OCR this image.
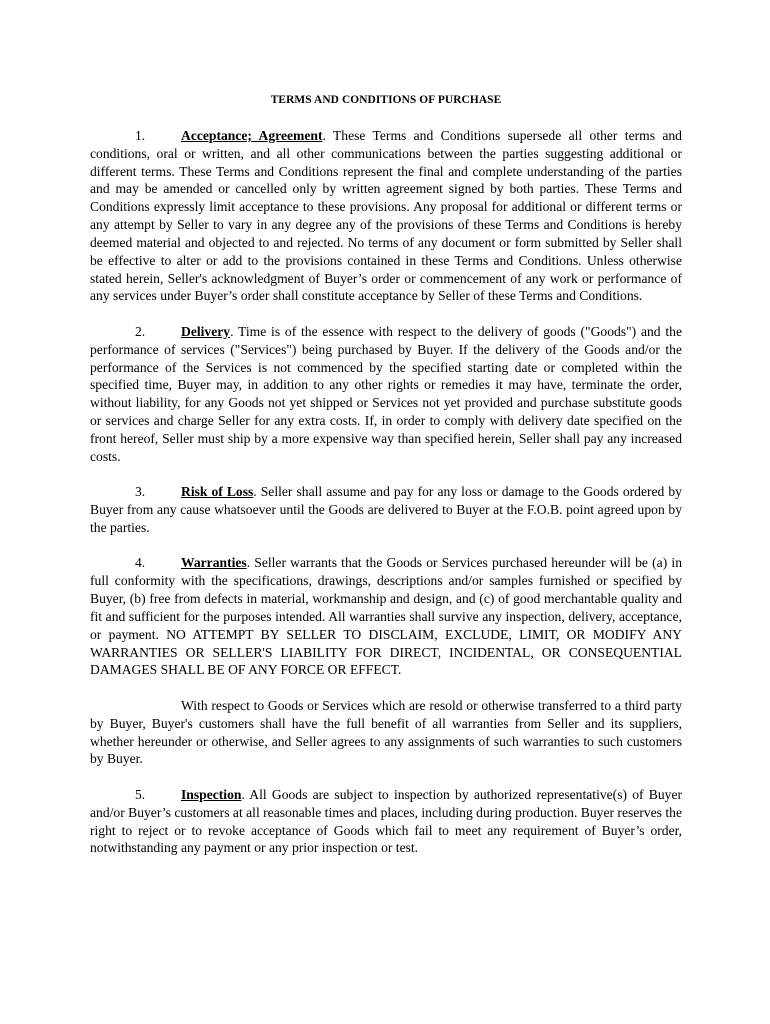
TERMS AND CONDITIONS OF PURCHASE

1.	Acceptance; Agreement. These Terms and Conditions supersede all other terms and conditions, oral or written, and all other communications between the parties suggesting additional or different terms. These Terms and Conditions represent the final and complete understanding of the parties and may be amended or cancelled only by written agreement signed by both parties. These Terms and Conditions expressly limit acceptance to these provisions. Any proposal for additional or different terms or any attempt by Seller to vary in any degree any of the provisions of these Terms and Conditions is hereby deemed material and objected to and rejected. No terms of any document or form submitted by Seller shall be effective to alter or add to the provisions contained in these Terms and Conditions. Unless otherwise stated herein, Seller's acknowledgment of Buyer’s order or commencement of any work or performance of any services under Buyer’s order shall constitute acceptance by Seller of these Terms and Conditions.

2.	Delivery. Time is of the essence with respect to the delivery of goods ("Goods") and the performance of services ("Services") being purchased by Buyer. If the delivery of the Goods and/or the performance of the Services is not commenced by the specified starting date or completed within the specified time, Buyer may, in addition to any other rights or remedies it may have, terminate the order, without liability, for any Goods not yet shipped or Services not yet provided and purchase substitute goods or services and charge Seller for any extra costs. If, in order to comply with delivery date specified on the front hereof, Seller must ship by a more expensive way than specified herein, Seller shall pay any increased costs.

3.	Risk of Loss. Seller shall assume and pay for any loss or damage to the Goods ordered by Buyer from any cause whatsoever until the Goods are delivered to Buyer at the F.O.B. point agreed upon by the parties.

4.	Warranties. Seller warrants that the Goods or Services purchased hereunder will be (a) in full conformity with the specifications, drawings, descriptions and/or samples furnished or specified by Buyer, (b) free from defects in material, workmanship and design, and (c) of good merchantable quality and fit and sufficient for the purposes intended. All warranties shall survive any inspection, delivery, acceptance, or payment. NO ATTEMPT BY SELLER TO DISCLAIM, EXCLUDE, LIMIT, OR MODIFY ANY WARRANTIES OR SELLER'S LIABILITY FOR DIRECT, INCIDENTAL, OR CONSEQUENTIAL DAMAGES SHALL BE OF ANY FORCE OR EFFECT.

With respect to Goods or Services which are resold or otherwise transferred to a third party by Buyer, Buyer's customers shall have the full benefit of all warranties from Seller and its suppliers, whether hereunder or otherwise, and Seller agrees to any assignments of such warranties to such customers by Buyer.

5.	Inspection. All Goods are subject to inspection by authorized representative(s) of Buyer and/or Buyer’s customers at all reasonable times and places, including during production. Buyer reserves the right to reject or to revoke acceptance of Goods which fail to meet any requirement of Buyer’s order, notwithstanding any payment or any prior inspection or test.
